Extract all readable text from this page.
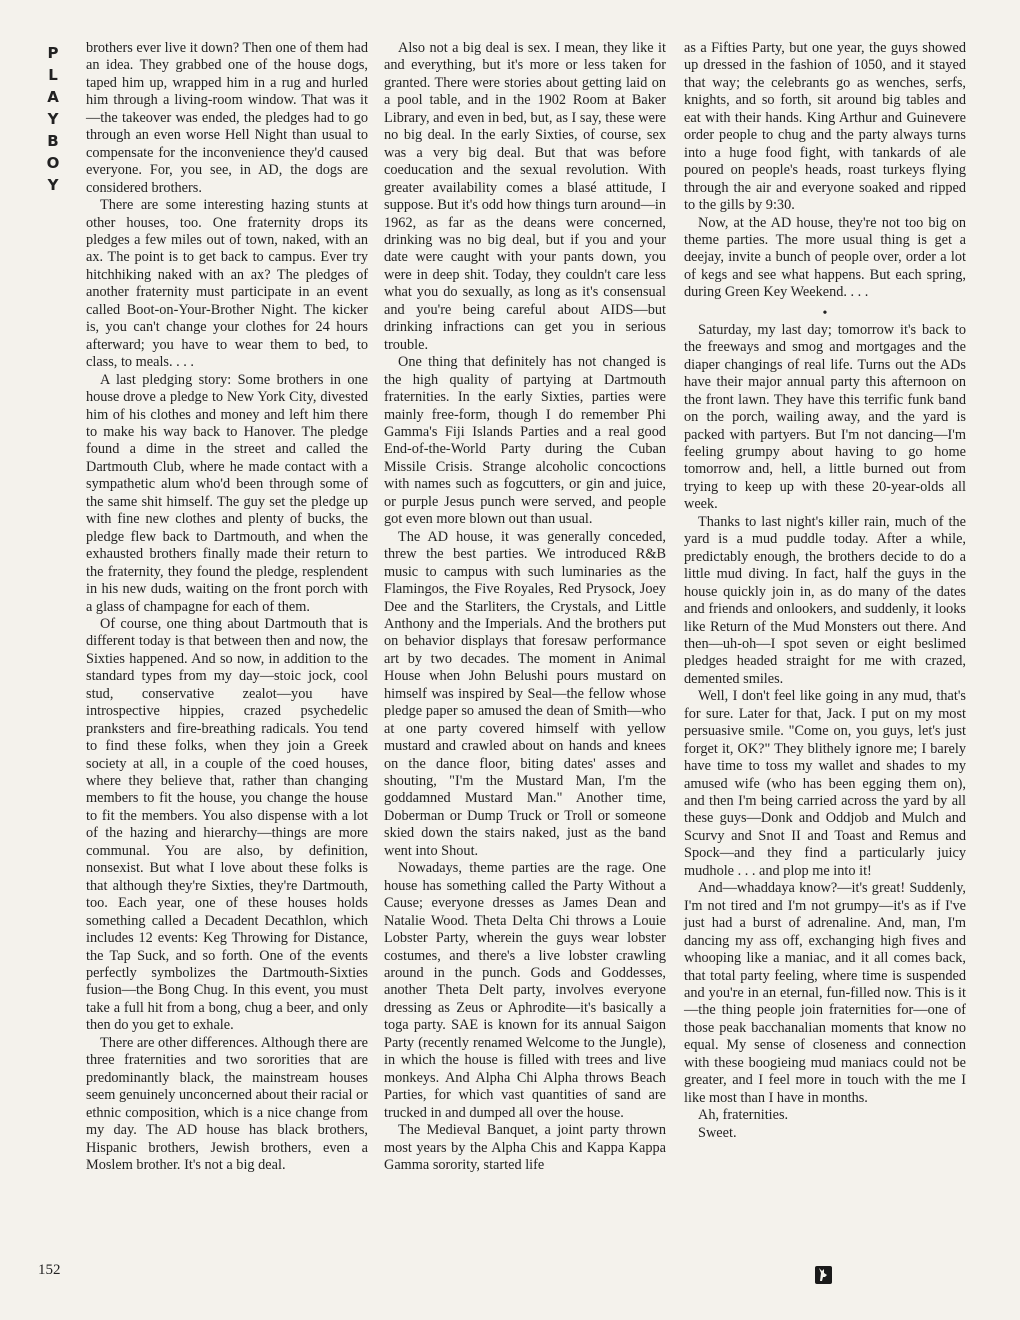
P
L
A
Y
B
O
Y
152

brothers ever live it down? Then one of them had an idea. They grabbed one of the house dogs, taped him up, wrapped him in a rug and hurled him through a living-room window. That was it—the takeover was ended, the pledges had to go through an even worse Hell Night than usual to compensate for the inconvenience they'd caused everyone. For, you see, in AD, the dogs are considered brothers.

There are some interesting hazing stunts at other houses, too. One fraternity drops its pledges a few miles out of town, naked, with an ax. The point is to get back to campus. Ever try hitchhiking naked with an ax? The pledges of another fraternity must participate in an event called Boot-on-Your-Brother Night. The kicker is, you can't change your clothes for 24 hours afterward; you have to wear them to bed, to class, to meals. . . .

A last pledging story: Some brothers in one house drove a pledge to New York City, divested him of his clothes and money and left him there to make his way back to Hanover. The pledge found a dime in the street and called the Dartmouth Club, where he made contact with a sympathetic alum who'd been through some of the same shit himself. The guy set the pledge up with fine new clothes and plenty of bucks, the pledge flew back to Dartmouth, and when the exhausted brothers finally made their return to the fraternity, they found the pledge, resplendent in his new duds, waiting on the front porch with a glass of champagne for each of them.

Of course, one thing about Dartmouth that is different today is that between then and now, the Sixties happened. And so now, in addition to the standard types from my day—stoic jock, cool stud, conservative zealot—you have introspective hippies, crazed psychedelic pranksters and fire-breathing radicals. You tend to find these folks, when they join a Greek society at all, in a couple of the coed houses, where they believe that, rather than changing members to fit the house, you change the house to fit the members. You also dispense with a lot of the hazing and hierarchy—things are more communal. You are also, by definition, nonsexist. But what I love about these folks is that although they're Sixties, they're Dartmouth, too. Each year, one of these houses holds something called a Decadent Decathlon, which includes 12 events: Keg Throwing for Distance, the Tap Suck, and so forth. One of the events perfectly symbolizes the Dartmouth-Sixties fusion—the Bong Chug. In this event, you must take a full hit from a bong, chug a beer, and only then do you get to exhale.

There are other differences. Although there are three fraternities and two sororities that are predominantly black, the mainstream houses seem genuinely unconcerned about their racial or ethnic composition, which is a nice change from my day. The AD house has black brothers, Hispanic brothers, Jewish brothers, even a Moslem brother. It's not a big deal.

Also not a big deal is sex. I mean, they like it and everything, but it's more or less taken for granted. There were stories about getting laid on a pool table, and in the 1902 Room at Baker Library, and even in bed, but, as I say, these were no big deal. In the early Sixties, of course, sex was a very big deal. But that was before coeducation and the sexual revolution. With greater availability comes a blasé attitude, I suppose. But it's odd how things turn around—in 1962, as far as the deans were concerned, drinking was no big deal, but if you and your date were caught with your pants down, you were in deep shit. Today, they couldn't care less what you do sexually, as long as it's consensual and you're being careful about AIDS—but drinking infractions can get you in serious trouble.

One thing that definitely has not changed is the high quality of partying at Dartmouth fraternities. In the early Sixties, parties were mainly free-form, though I do remember Phi Gamma's Fiji Islands Parties and a real good End-of-the-World Party during the Cuban Missile Crisis. Strange alcoholic concoctions with names such as fogcutters, or gin and juice, or purple Jesus punch were served, and people got even more blown out than usual.

The AD house, it was generally conceded, threw the best parties. We introduced R&B music to campus with such luminaries as the Flamingos, the Five Royales, Red Prysock, Joey Dee and the Starliters, the Crystals, and Little Anthony and the Imperials. And the brothers put on behavior displays that foresaw performance art by two decades. The moment in Animal House when John Belushi pours mustard on himself was inspired by Seal—the fellow whose pledge paper so amused the dean of Smith—who at one party covered himself with yellow mustard and crawled about on hands and knees on the dance floor, biting dates' asses and shouting, "I'm the Mustard Man, I'm the goddamned Mustard Man." Another time, Doberman or Dump Truck or Troll or someone skied down the stairs naked, just as the band went into Shout.

Nowadays, theme parties are the rage. One house has something called the Party Without a Cause; everyone dresses as James Dean and Natalie Wood. Theta Delta Chi throws a Louie Lobster Party, wherein the guys wear lobster costumes, and there's a live lobster crawling around in the punch. Gods and Goddesses, another Theta Delt party, involves everyone dressing as Zeus or Aphrodite—it's basically a toga party. SAE is known for its annual Saigon Party (recently renamed Welcome to the Jungle), in which the house is filled with trees and live monkeys. And Alpha Chi Alpha throws Beach Parties, for which vast quantities of sand are trucked in and dumped all over the house.

The Medieval Banquet, a joint party thrown most years by the Alpha Chis and Kappa Kappa Gamma sorority, started life

as a Fifties Party, but one year, the guys showed up dressed in the fashion of 1050, and it stayed that way; the celebrants go as wenches, serfs, knights, and so forth, sit around big tables and eat with their hands. King Arthur and Guinevere order people to chug and the party always turns into a huge food fight, with tankards of ale poured on people's heads, roast turkeys flying through the air and everyone soaked and ripped to the gills by 9:30.

Now, at the AD house, they're not too big on theme parties. The more usual thing is get a deejay, invite a bunch of people over, order a lot of kegs and see what happens. But each spring, during Green Key Weekend. . . .

•

Saturday, my last day; tomorrow it's back to the freeways and smog and mortgages and the diaper changings of real life. Turns out the ADs have their major annual party this afternoon on the front lawn. They have this terrific funk band on the porch, wailing away, and the yard is packed with partyers. But I'm not dancing—I'm feeling grumpy about having to go home tomorrow and, hell, a little burned out from trying to keep up with these 20-year-olds all week.

Thanks to last night's killer rain, much of the yard is a mud puddle today. After a while, predictably enough, the brothers decide to do a little mud diving. In fact, half the guys in the house quickly join in, as do many of the dates and friends and onlookers, and suddenly, it looks like Return of the Mud Monsters out there. And then—uh-oh—I spot seven or eight beslimed pledges headed straight for me with crazed, demented smiles.

Well, I don't feel like going in any mud, that's for sure. Later for that, Jack. I put on my most persuasive smile. "Come on, you guys, let's just forget it, OK?" They blithely ignore me; I barely have time to toss my wallet and shades to my amused wife (who has been egging them on), and then I'm being carried across the yard by all these guys—Donk and Oddjob and Mulch and Scurvy and Snot II and Toast and Remus and Spock—and they find a particularly juicy mudhole . . . and plop me into it!

And—whaddaya know?—it's great! Suddenly, I'm not tired and I'm not grumpy—it's as if I've just had a burst of adrenaline. And, man, I'm dancing my ass off, exchanging high fives and whooping like a maniac, and it all comes back, that total party feeling, where time is suspended and you're in an eternal, fun-filled now. This is it—the thing people join fraternities for—one of those peak bacchanalian moments that know no equal. My sense of closeness and connection with these boogieing mud maniacs could not be greater, and I feel more in touch with the me I like most than I have in months.

Ah, fraternities.

Sweet.
